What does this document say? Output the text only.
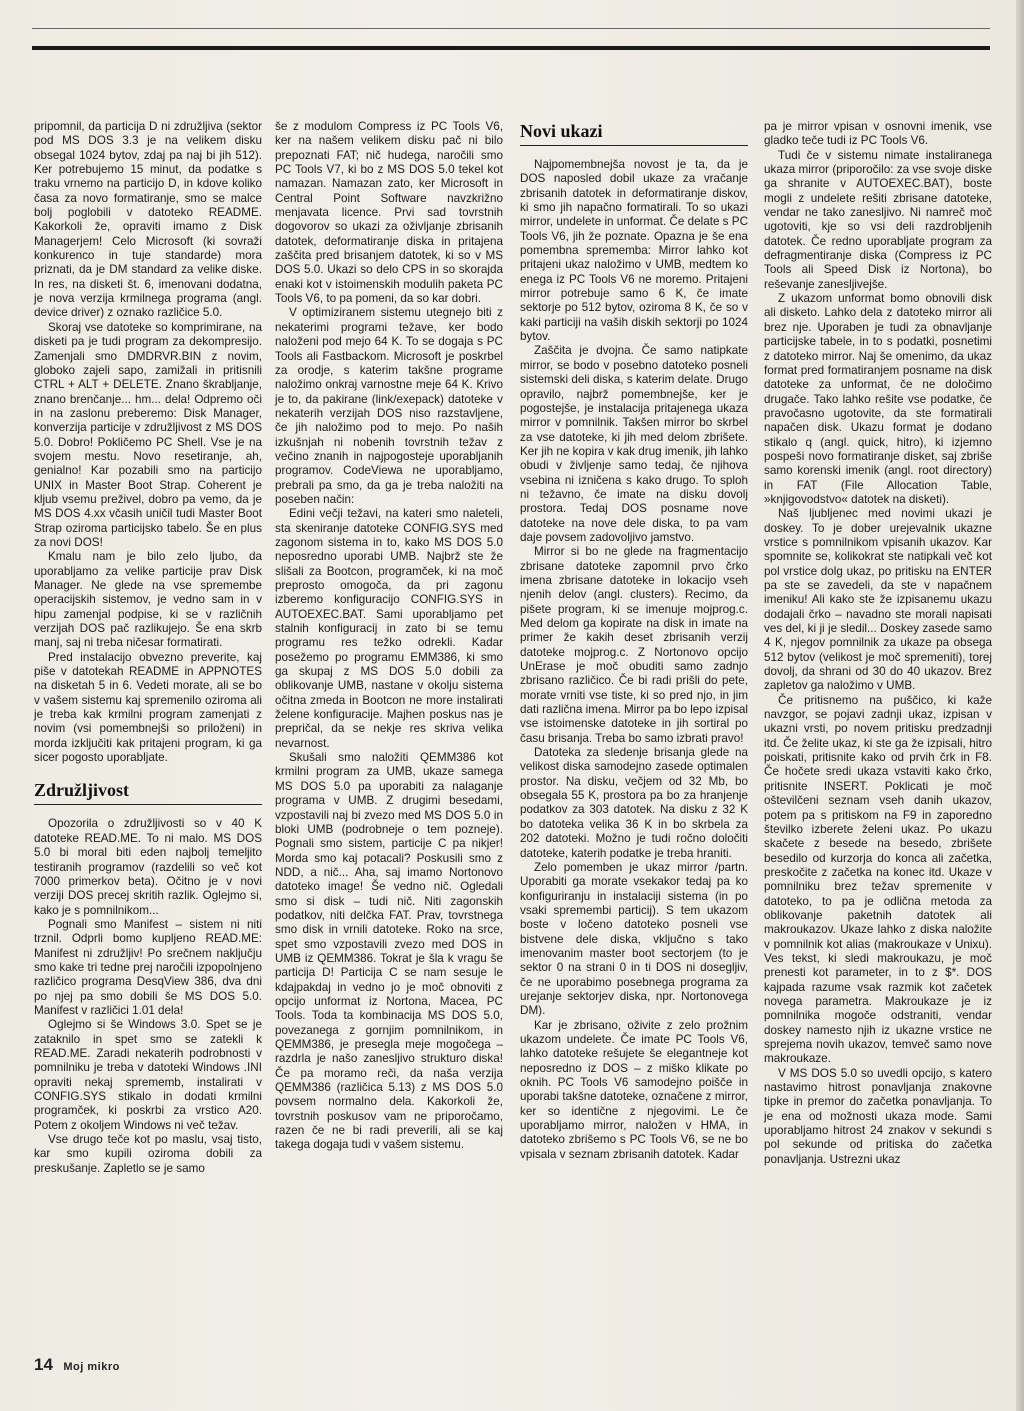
pripomnil, da particija D ni združljiva (sektor pod MS DOS 3.3 je na velikem disku obsegal 1024 bytov, zdaj pa naj bi jih 512). Ker potrebujemo 15 minut, da podatke s traku vrnemo na particijo D, in kdove koliko časa za novo formatiranje, smo se malce bolj poglobili v datoteko README. Kakorkoli že, opraviti imamo z Disk Managerjem! Celo Microsoft (ki sovraži konkurenco in tuje standarde) mora priznati, da je DM standard za velike diske. In res, na disketi št. 6, imenovani dodatna, je nova verzija krmilnega programa (angl. device driver) z oznako različice 5.0.

Skoraj vse datoteke so komprimirane, na disketi pa je tudi program za dekompresijo. Zamenjali smo DMDRVR.BIN z novim, globoko zajeli sapo, zamižali in pritisnili CTRL + ALT + DELETE. Znano škrabljanje, znano brenčanje... hm... dela! Odpremo oči in na zaslonu preberemo: Disk Manager, konverzija particije v združljivost z MS DOS 5.0. Dobro! Pokličemo PC Shell. Vse je na svojem mestu. Novo resetiranje, ah, genialno! Kar pozabili smo na particijo UNIX in Master Boot Strap. Coherent je kljub vsemu preživel, dobro pa vemo, da je MS DOS 4.xx včasih uničil tudi Master Boot Strap oziroma particijsko tabelo. Še en plus za novi DOS!

Kmalu nam je bilo zelo ljubo, da uporabljamo za velike particije prav Disk Manager. Ne glede na vse spremembe operacijskih sistemov, je vedno sam in v hipu zamenjal podpise, ki se v različnih verzijah DOS pač razlikujejo. Še ena skrb manj, saj ni treba ničesar formatirati.

Pred instalacijo obvezno preverite, kaj piše v datotekah README in APPNOTES na disketah 5 in 6. Vedeti morate, ali se bo v vašem sistemu kaj spremenilo oziroma ali je treba kak krmilni program zamenjati z novim (vsi pomembnejši so priloženi) in morda izključiti kak pritajeni program, ki ga sicer pogosto uporabljate.

Združljivost

Opozorila o združljivosti so v 40 K datoteke READ.ME. To ni malo. MS DOS 5.0 bi moral biti eden najbolj temeljito testiranih programov (razdelili so več kot 7000 primerkov beta). Očitno je v novi verziji DOS precej skritih razlik. Oglejmo si, kako je s pomnilnikom...

Pognali smo Manifest – sistem ni niti trznil. Odprli bomo kupljeno READ.ME: Manifest ni združljiv! Po srečnem naključju smo kake tri tedne prej naročili izpopolnjeno različico programa DesqView 386, dva dni po njej pa smo dobili še MS DOS 5.0. Manifest v različici 1.01 dela!

Oglejmo si še Windows 3.0. Spet se je zataknilo in spet smo se zatekli k READ.ME. Zaradi nekaterih podrobnosti v pomnilniku je treba v datoteki Windows .INI opraviti nekaj sprememb, instalirati v CONFIG.SYS stikalo in dodati krmilni programček, ki poskrbi za vrstico A20. Potem z okoljem Windows ni več težav.

Vse drugo teče kot po maslu, vsaj tisto, kar smo kupili oziroma dobili za preskušanje. Zapletlo se je samo

še z modulom Compress iz PC Tools V6, ker na našem velikem disku pač ni bilo prepoznati FAT; nič hudega, naročili smo PC Tools V7, ki bo z MS DOS 5.0 tekel kot namazan. Namazan zato, ker Microsoft in Central Point Software navzkrižno menjavata licence. Prvi sad tovrstnih dogovorov so ukazi za oživljanje zbrisanih datotek, deformatiranje diska in pritajena zaščita pred brisanjem datotek, ki so v MS DOS 5.0. Ukazi so delo CPS in so skorajda enaki kot v istoimenskih modulih paketa PC Tools V6, to pa pomeni, da so kar dobri.

V optimiziranem sistemu utegnejo biti z nekaterimi programi težave, ker bodo naloženi pod mejo 64 K. To se dogaja s PC Tools ali Fastbackom. Microsoft je poskrbel za orodje, s katerim takšne programe naložimo onkraj varnostne meje 64 K. Krivo je to, da pakirane (link/exepack) datoteke v nekaterih verzijah DOS niso razstavljene, če jih naložimo pod to mejo. Po naših izkušnjah ni nobenih tovrstnih težav z večino znanih in najpogosteje uporabljanih programov. CodeViewa ne uporabljamo, prebrali pa smo, da ga je treba naložiti na poseben način:

Edini večji težavi, na kateri smo naleteli, sta skeniranje datoteke CONFIG.SYS med zagonom sistema in to, kako MS DOS 5.0 neposredno uporabi UMB. Najbrž ste že slišali za Bootcon, programček, ki na moč preprosto omogoča, da pri zagonu izberemo konfiguracijo CONFIG.SYS in AUTOEXEC.BAT. Sami uporabljamo pet stalnih konfiguracij in zato bi se temu programu res težko odrekli. Kadar posežemo po programu EMM386, ki smo ga skupaj z MS DOS 5.0 dobili za oblikovanje UMB, nastane v okolju sistema očitna zmeda in Bootcon ne more instalirati želene konfiguracije. Majhen poskus nas je prepričal, da se nekje res skriva velika nevarnost.

Skušali smo naložiti QEMM386 kot krmilni program za UMB, ukaze samega MS DOS 5.0 pa uporabiti za nalaganje programa v UMB. Z drugimi besedami, vzpostavili naj bi zvezo med MS DOS 5.0 in bloki UMB (podrobneje o tem pozneje). Pognali smo sistem, particije C pa nikjer! Morda smo kaj potacali? Poskusili smo z NDD, a nič... Aha, saj imamo Nortonovo datoteko image! Še vedno nič. Ogledali smo si disk – tudi nič. Niti zagonskih podatkov, niti delčka FAT. Prav, tovrstnega smo disk in vrnili datoteke. Roko na srce, spet smo vzpostavili zvezo med DOS in UMB iz QEMM386. Tokrat je šla k vragu še particija D! Particija C se nam sesuje le kdajpakdaj in vedno jo je moč obnoviti z opcijo unformat iz Nortona, Macea, PC Tools. Toda ta kombinacija MS DOS 5.0, povezanega z gornjim pomnilnikom, in QEMM386, je presegla meje mogočega – razdrla je našo zanesljivo strukturo diska! Če pa moramo reči, da naša verzija QEMM386 (različica 5.13) z MS DOS 5.0 povsem normalno dela. Kakorkoli že, tovrstnih poskusov vam ne priporočamo, razen če ne bi radi preverili, ali se kaj takega dogaja tudi v vašem sistemu.

Novi ukazi

Najpomembnejša novost je ta, da je DOS naposled dobil ukaze za vračanje zbrisanih datotek in deformatiranje diskov, ki smo jih napačno formatirali. To so ukazi mirror, undelete in unformat. Če delate s PC Tools V6, jih že poznate. Opazna je še ena pomembna sprememba: Mirror lahko kot pritajeni ukaz naložimo v UMB, medtem ko enega iz PC Tools V6 ne moremo. Pritajeni mirror potrebuje samo 6 K, če imate sektorje po 512 bytov, oziroma 8 K, če so v kaki particiji na vaših diskih sektorji po 1024 bytov.

Zaščita je dvojna. Če samo natipkate mirror, se bodo v posebno datoteko posneli sistemski deli diska, s katerim delate. Drugo opravilo, najbrž pomembnejše, ker je pogostejše, je instalacija pritajenega ukaza mirror v pomnilnik. Takšen mirror bo skrbel za vse datoteke, ki jih med delom zbrišete. Ker jih ne kopira v kak drug imenik, jih lahko obudi v življenje samo tedaj, če njihova vsebina ni izničena s kako drugo. To sploh ni težavno, če imate na disku dovolj prostora. Tedaj DOS posname nove datoteke na nove dele diska, to pa vam daje povsem zadovoljivo jamstvo.

Mirror si bo ne glede na fragmentacijo zbrisane datoteke zapomnil prvo črko imena zbrisane datoteke in lokacijo vseh njenih delov (angl. clusters). Recimo, da pišete program, ki se imenuje mojprog.c. Med delom ga kopirate na disk in imate na primer že kakih deset zbrisanih verzij datoteke mojprog.c. Z Nortonovo opcijo UnErase je moč obuditi samo zadnjo zbrisano različico. Če bi radi prišli do pete, morate vrniti vse tiste, ki so pred njo, in jim dati različna imena. Mirror pa bo lepo izpisal vse istoimenske datoteke in jih sortiral po času brisanja. Treba bo samo izbrati pravo!

Datoteka za sledenje brisanja glede na velikost diska samodejno zasede optimalen prostor. Na disku, večjem od 32 Mb, bo obsegala 55 K, prostora pa bo za hranjenje podatkov za 303 datotek. Na disku z 32 K bo datoteka velika 36 K in bo skrbela za 202 datoteki. Možno je tudi ročno določiti datoteke, katerih podatke je treba hraniti.

Zelo pomemben je ukaz mirror /partn. Uporabiti ga morate vsekakor tedaj pa ko konfiguriranju in instalaciji sistema (in po vsaki spremembi particij). S tem ukazom boste v ločeno datoteko posneli vse bistvene dele diska, vključno s tako imenovanim master boot sectorjem (to je sektor 0 na strani 0 in ti DOS ni dosegljiv, če ne uporabimo posebnega programa za urejanje sektorjev diska, npr. Nortonovega DM).

Kar je zbrisano, oživite z zelo prožnim ukazom undelete. Če imate PC Tools V6, lahko datoteke rešujete še elegantneje kot neposredno iz DOS – z miško klikate po oknih. PC Tools V6 samodejno poišče in uporabi takšne datoteke, označene z mirror, ker so identične z njegovimi. Le če uporabljamo mirror, naložen v HMA, in datoteko zbrišemo s PC Tools V6, se ne bo vpisala v seznam zbrisanih datotek. Kadar

pa je mirror vpisan v osnovni imenik, vse gladko teče tudi iz PC Tools V6.

Tudi če v sistemu nimate instaliranega ukaza mirror (priporočilo: za vse svoje diske ga shranite v AUTOEXEC.BAT), boste mogli z undelete rešiti zbrisane datoteke, vendar ne tako zanesljivo. Ni namreč moč ugotoviti, kje so vsi deli razdrobljenih datotek. Če redno uporabljate program za defragmentiranje diska (Compress iz PC Tools ali Speed Disk iz Nortona), bo reševanje zanesljivejše.

Z ukazom unformat bomo obnovili disk ali disketo. Lahko dela z datoteko mirror ali brez nje. Uporaben je tudi za obnavljanje particijske tabele, in to s podatki, posnetimi z datoteko mirror. Naj še omenimo, da ukaz format pred formatiranjem posname na disk datoteke za unformat, če ne določimo drugače. Tako lahko rešite vse podatke, če pravočasno ugotovite, da ste formatirali napačen disk. Ukazu format je dodano stikalo q (angl. quick, hitro), ki izjemno pospeši novo formatiranje disket, saj zbriše samo korenski imenik (angl. root directory) in FAT (File Allocation Table, »knjigovodstvo« datotek na disketi).

Naš ljubljenec med novimi ukazi je doskey. To je dober urejevalnik ukazne vrstice s pomnilnikom vpisanih ukazov. Kar spomnite se, kolikokrat ste natipkali več kot pol vrstice dolg ukaz, po pritisku na ENTER pa ste se zavedeli, da ste v napačnem imeniku! Ali kako ste že izpisanemu ukazu dodajali črko – navadno ste morali napisati ves del, ki ji je sledil... Doskey zasede samo 4 K, njegov pomnilnik za ukaze pa obsega 512 bytov (velikost je moč spremeniti), torej dovolj, da shrani od 30 do 40 ukazov. Brez zapletov ga naložimo v UMB.

Če pritisnemo na puščico, ki kaže navzgor, se pojavi zadnji ukaz, izpisan v ukazni vrsti, po novem pritisku predzadnji itd. Če želite ukaz, ki ste ga že izpisali, hitro poiskati, pritisnite kako od prvih črk in F8. Če hočete sredi ukaza vstaviti kako črko, pritisnite INSERT. Poklicati je moč oštevilčeni seznam vseh danih ukazov, potem pa s pritiskom na F9 in zaporedno številko izberete želeni ukaz. Po ukazu skačete z besede na besedo, zbrišete besedilo od kurzorja do konca ali začetka, preskočite z začetka na konec itd. Ukaze v pomnilniku brez težav spremenite v datoteko, to pa je odlična metoda za oblikovanje paketnih datotek ali makroukazov. Ukaze lahko z diska naložite v pomnilnik kot alias (makroukaze v Unixu). Ves tekst, ki sledi makroukazu, je moč prenesti kot parameter, in to z $*. DOS kajpada razume vsak razmik kot začetek novega parametra. Makroukaze je iz pomnilnika mogoče odstraniti, vendar doskey namesto njih iz ukazne vrstice ne sprejema novih ukazov, temveč samo nove makroukaze.

V MS DOS 5.0 so uvedli opcijo, s katero nastavimo hitrost ponavljanja znakovne tipke in premor do začetka ponavljanja. To je ena od možnosti ukaza mode. Sami uporabljamo hitrost 24 znakov v sekundi s pol sekunde od pritiska do začetka ponavljanja. Ustrezni ukaz

14 Moj mikro
